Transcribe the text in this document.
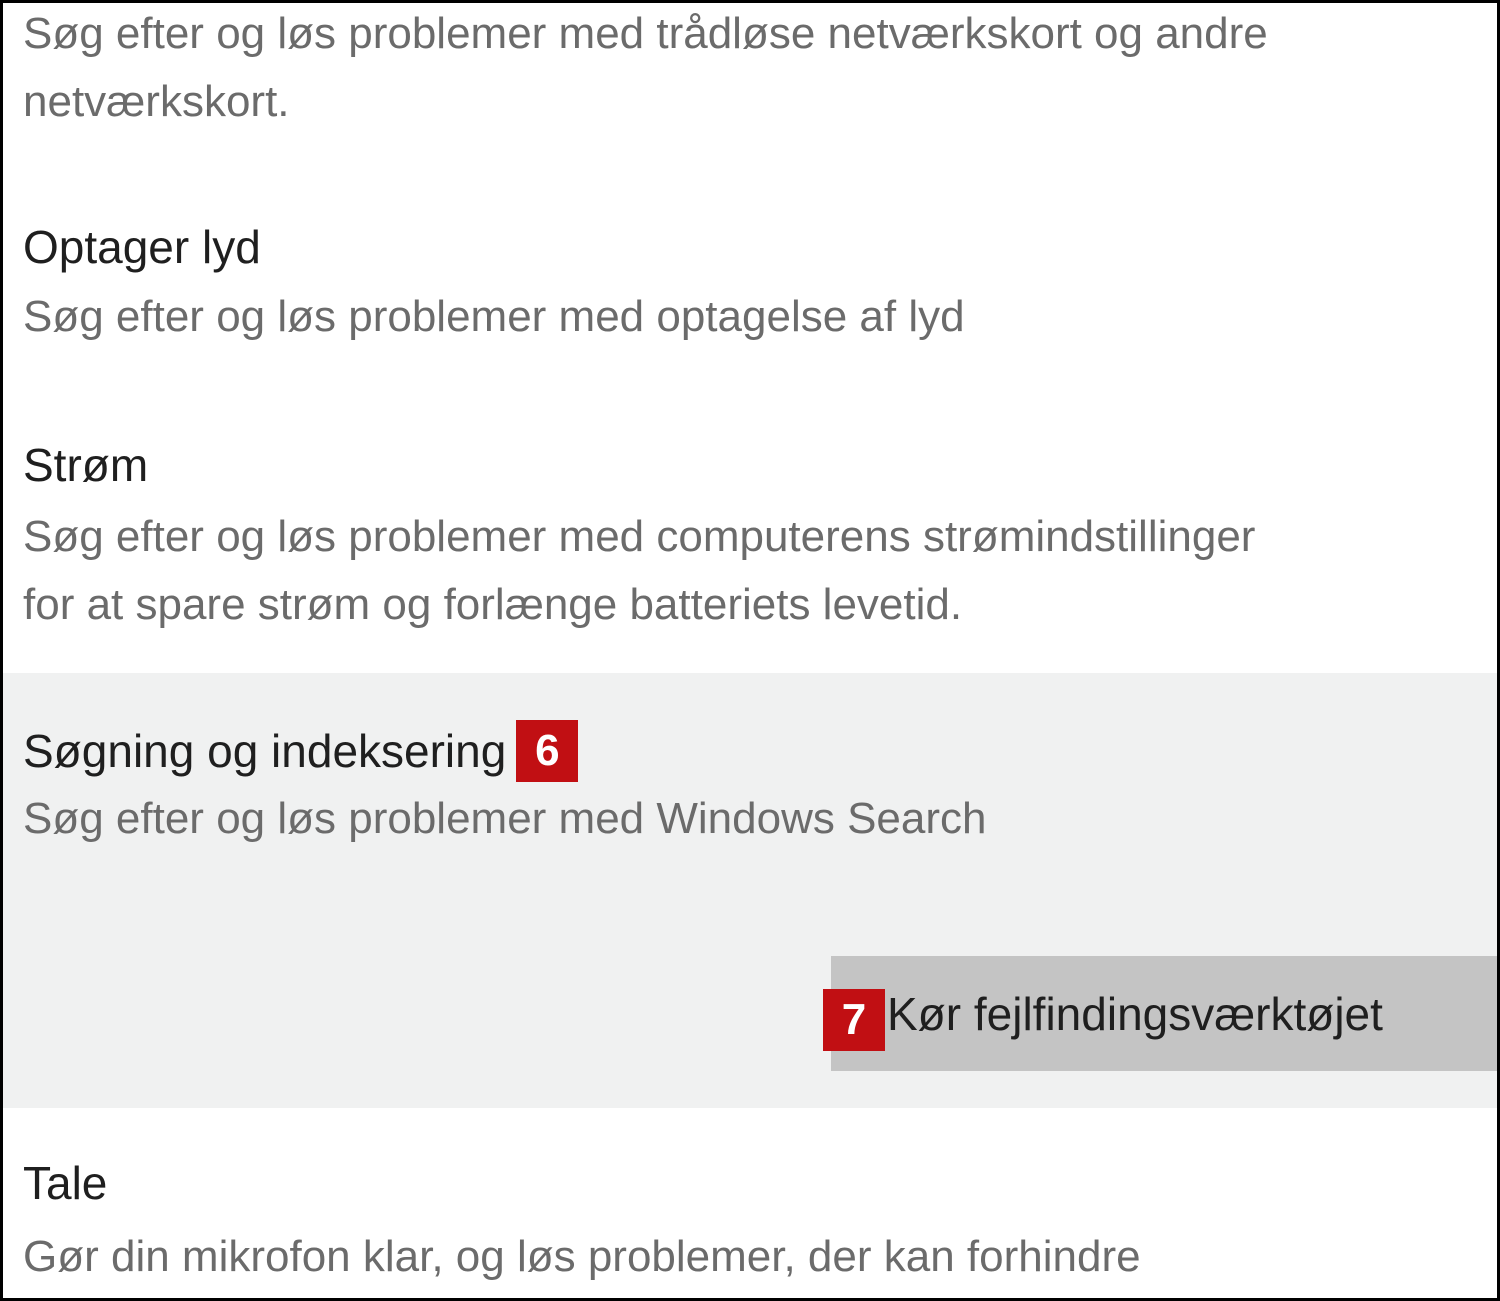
Søg efter og løs problemer med trådløse netværkskort og andre
netværkskort.
Optager lyd
Søg efter og løs problemer med optagelse af lyd
Strøm
Søg efter og løs problemer med computerens strømindstillinger
for at spare strøm og forlænge batteriets levetid.
Søgning og indeksering 6
Søg efter og løs problemer med Windows Search
7 Kør fejlfindingsværktøjet
Tale
Gør din mikrofon klar, og løs problemer, der kan forhindre
